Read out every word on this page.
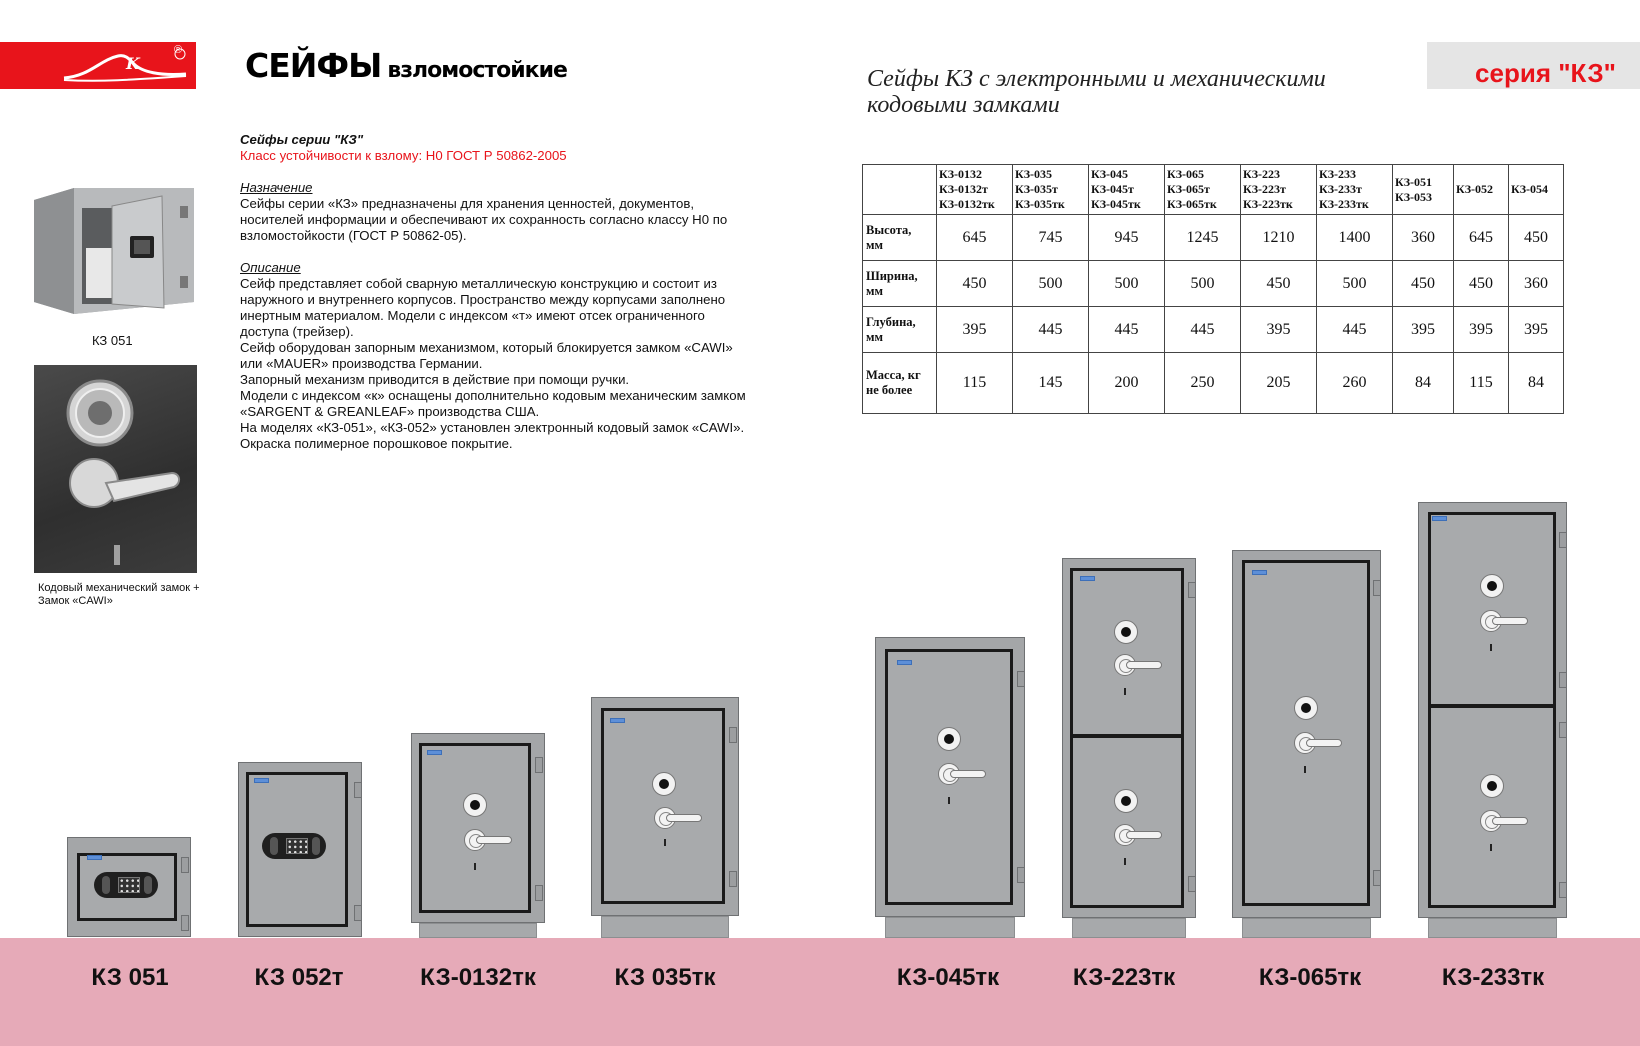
K
® СЕЙФЫ взломостойкие	серия "КЗ"
Сейфы КЗ с электронными и механическими кодовыми замками
КЗ 051
Кодовый механический замок + Замок «CAWI»
Сейфы серии "КЗ"
Класс устойчивости к взлому: Н0 ГОСТ Р 50862-2005
Назначение
Сейфы серии «КЗ» предназначены для хранения ценностей, документов, носителей информации и обеспечивают их сохранность согласно классу Н0 по взломостойкости (ГОСТ Р 50862-05).
Описание
Сейф представляет собой сварную металлическую конструкцию и состоит из наружного и внутреннего корпусов. Пространство между корпусами заполнено инертным материалом. Модели с индексом «т» имеют отсек ограниченного доступа (трейзер).
Сейф оборудован запорным механизмом, который блокируется замком «CAWI» или «MAUER» производства Германии.
Запорный механизм приводится в действие при помощи ручки.
Модели с индексом «к» оснащены дополнительно кодовым механическим замком «SARGENT & GREANLEAF» производства США.
На моделях «КЗ-051», «КЗ-052» установлен электронный кодовый замок «CAWI».
Окраска полимерное порошковое покрытие.

	КЗ-0132
КЗ-0132т
КЗ-0132тк	КЗ-035
КЗ-035т
КЗ-035тк	КЗ-045
КЗ-045т
КЗ-045тк	КЗ-065
КЗ-065т
КЗ-065тк	КЗ-223
КЗ-223т
КЗ-223тк	КЗ-233
КЗ-233т
КЗ-233тк	КЗ-051
КЗ-053	КЗ-052	КЗ-054

Высота,
мм	645	745	945	1245	1210	1400	360	645	450
Ширина,
мм	450	500	500	500	450	500	450	450	360
Глубина,
мм	395	445	445	445	395	445	395	395	395
Масса, кг
не более	115	145	200	250	205	260	84	115	84
КЗ 051	КЗ 052т	КЗ-0132тк	КЗ 035тк	КЗ-045тк	КЗ-223тк	КЗ-065тк	КЗ-233тк
